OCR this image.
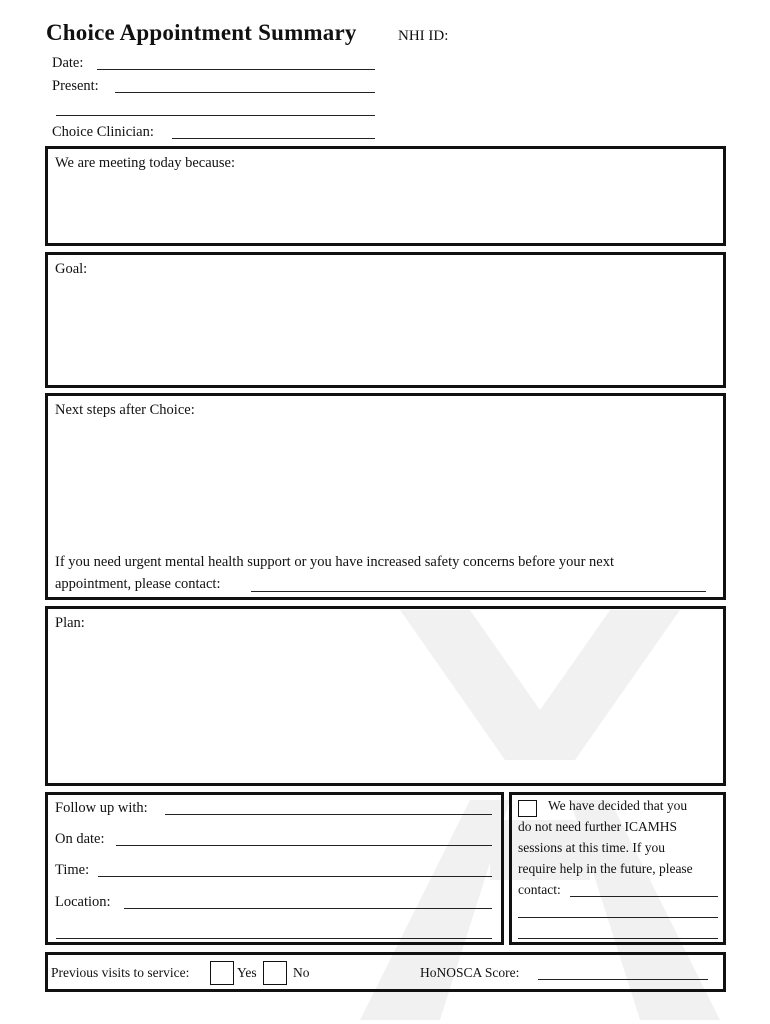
Choice Appointment Summary	NHI ID:
Date:
Present:
Choice Clinician:
We are meeting today because:
Goal:
Next steps after Choice:
If you need urgent mental health support or you have increased safety concerns before your next
appointment, please contact:
Plan:
Follow up with:
On date:
Time:
Location:
We have decided that you
do not need further ICAMHS
sessions at this time. If you
require help in the future, please
contact:
Previous visits to service:	Yes	No	HoNOSCA Score:
